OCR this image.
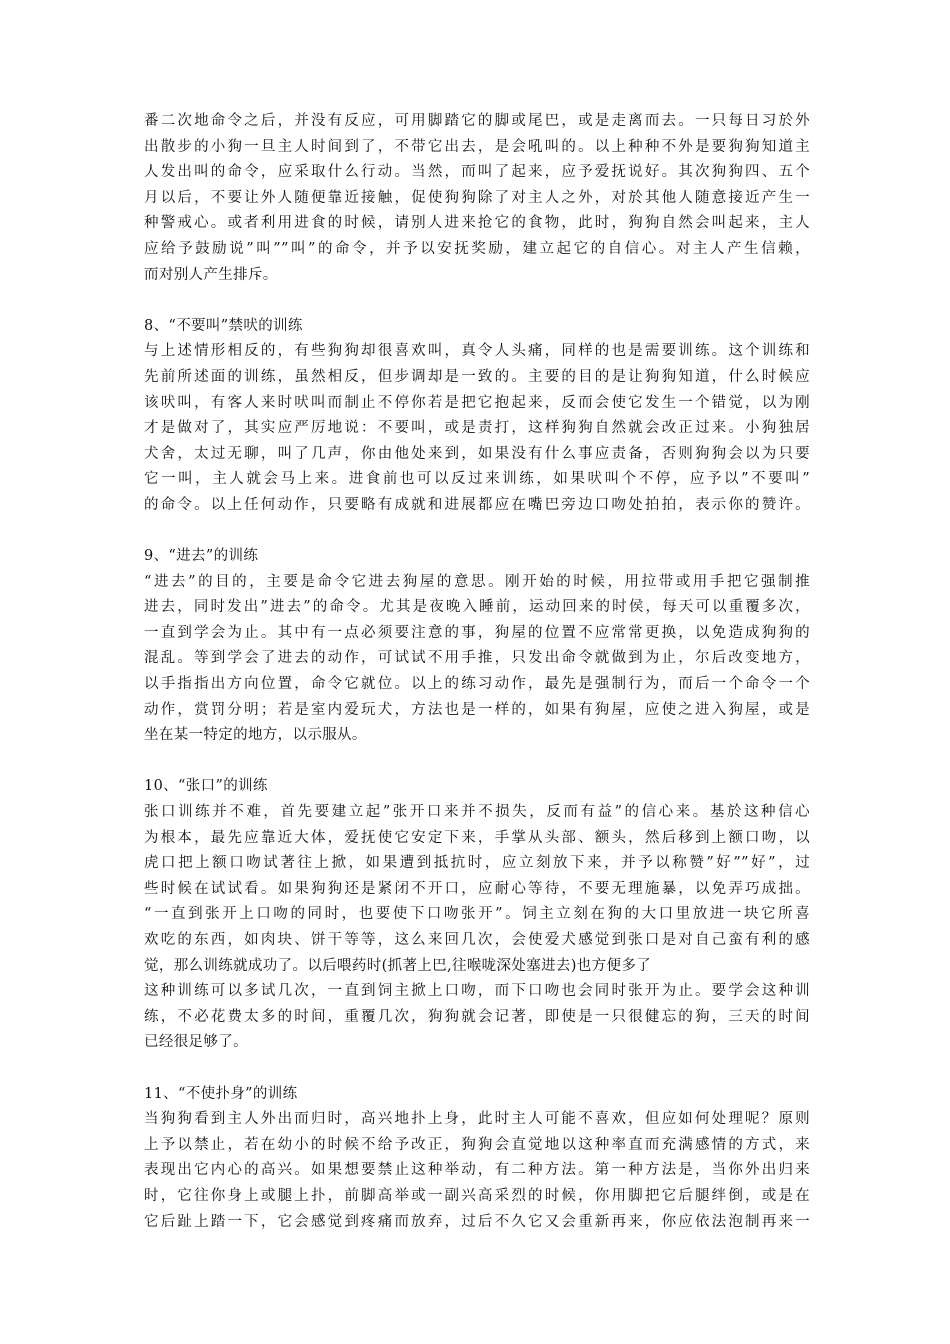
番二次地命令之后，并没有反应，可用脚踏它的脚或尾巴，或是走离而去。一只每日习於外
出散步的小狗一旦主人时间到了，不带它出去，是会吼叫的。以上种种不外是要狗狗知道主
人发出叫的命令，应采取什么行动。当然，而叫了起来，应予爱抚说好。其次狗狗四、五个
月以后，不要让外人随便靠近接触，促使狗狗除了对主人之外，对於其他人随意接近产生一
种警戒心。或者利用进食的时候，请别人进来抢它的食物，此时，狗狗自然会叫起来，主人
应给予鼓励说”叫””叫”的命令，并予以安抚奖励，建立起它的自信心。对主人产生信赖，
而对别人产生排斥。
8、“不要叫”禁吠的训练
与上述情形相反的，有些狗狗却很喜欢叫，真令人头痛，同样的也是需要训练。这个训练和
先前所述面的训练，虽然相反，但步调却是一致的。主要的目的是让狗狗知道，什么时候应
该吠叫，有客人来时吠叫而制止不停你若是把它抱起来，反而会使它发生一个错觉，以为刚
才是做对了，其实应严厉地说：不要叫，或是责打，这样狗狗自然就会改正过来。小狗独居
犬舍，太过无聊，叫了几声，你由他处来到，如果没有什么事应责备，否则狗狗会以为只要
它一叫，主人就会马上来。进食前也可以反过来训练，如果吠叫个不停，应予以”不要叫”
的命令。以上任何动作，只要略有成就和进展都应在嘴巴旁边口吻处拍拍，表示你的赞许。
9、“进去”的训练
“进去”的目的，主要是命令它进去狗屋的意思。刚开始的时候，用拉带或用手把它强制推
进去，同时发出”进去”的命令。尤其是夜晚入睡前，运动回来的时侯，每天可以重覆多次，
一直到学会为止。其中有一点必须要注意的事，狗屋的位置不应常常更换，以免造成狗狗的
混乱。等到学会了进去的动作，可试试不用手推，只发出命令就做到为止，尔后改变地方，
以手指指出方向位置，命令它就位。以上的练习动作，最先是强制行为，而后一个命令一个
动作，赏罚分明；若是室内爱玩犬，方法也是一样的，如果有狗屋，应使之进入狗屋，或是
坐在某一特定的地方，以示服从。
10、“张口”的训练
张口训练并不难，首先要建立起”张开口来并不损失，反而有益”的信心来。基於这种信心
为根本，最先应靠近大体，爱抚使它安定下来，手掌从头部、额头，然后移到上额口吻，以
虎口把上额口吻试著往上掀，如果遭到抵抗时，应立刻放下来，并予以称赞”好””好”，过
些时候在试试看。如果狗狗还是紧闭不开口，应耐心等待，不要无理施暴，以免弄巧成拙。
“一直到张开上口吻的同时，也要使下口吻张开”。饲主立刻在狗的大口里放进一块它所喜
欢吃的东西，如肉块、饼干等等，这么来回几次，会使爱犬感觉到张口是对自己蛮有利的感
觉，那么训练就成功了。以后喂药时(抓著上巴,往喉咙深处塞进去)也方便多了
这种训练可以多试几次，一直到饲主掀上口吻，而下口吻也会同时张开为止。要学会这种训
练，不必花费太多的时间，重覆几次，狗狗就会记著，即使是一只很健忘的狗，三天的时间
已经很足够了。
11、“不使扑身”的训练
当狗狗看到主人外出而归时，高兴地扑上身，此时主人可能不喜欢，但应如何处理呢？原则
上予以禁止，若在幼小的时候不给予改正，狗狗会直觉地以这种率直而充满感情的方式，来
表现出它内心的高兴。如果想要禁止这种举动，有二种方法。第一种方法是，当你外出归来
时，它往你身上或腿上扑，前脚高举或一副兴高采烈的时候，你用脚把它后腿绊倒，或是在
它后趾上踏一下，它会感觉到疼痛而放弃，过后不久它又会重新再来，你应依法泡制再来一
